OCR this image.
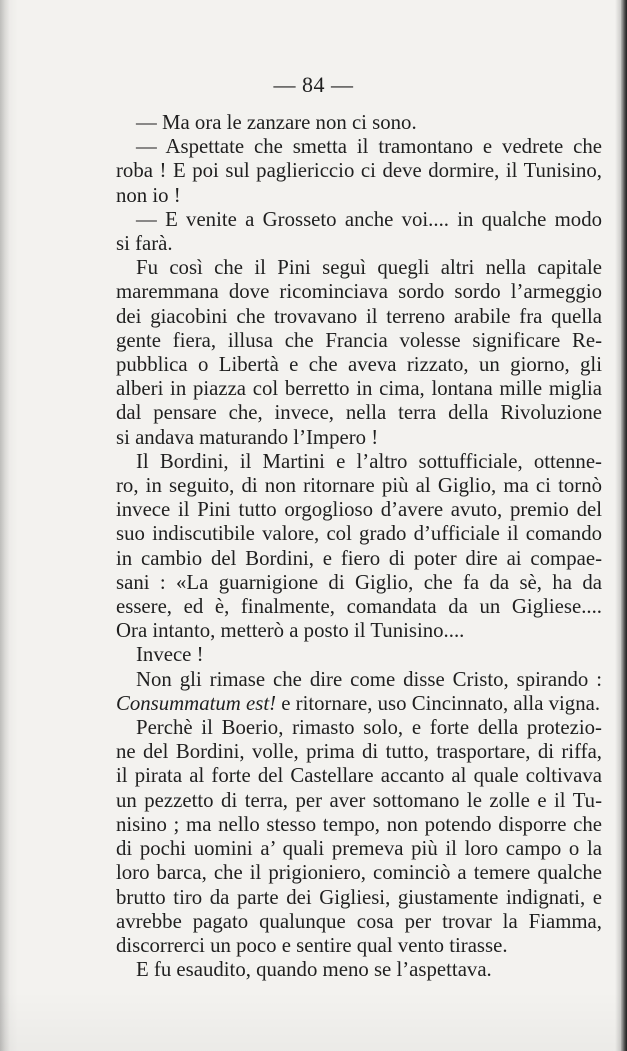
— 84 —
— Ma ora le zanzare non ci sono.
— Aspettate che smetta il tramontano e vedrete che
roba ! E poi sul pagliericcio ci deve dormire, il Tunisino,
non io !
— E venite a Grosseto anche voi.... in qualche modo
si farà.
Fu così che il Pini seguì quegli altri nella capitale
maremmana dove ricominciava sordo sordo l’armeggio
dei giacobini che trovavano il terreno arabile fra quella
gente fiera, illusa che Francia volesse significare Re-
pubblica o Libertà e che aveva rizzato, un giorno, gli
alberi in piazza col berretto in cima, lontana mille miglia
dal pensare che, invece, nella terra della Rivoluzione
si andava maturando l’Impero !
Il Bordini, il Martini e l’altro sottufficiale, ottenne-
ro, in seguito, di non ritornare più al Giglio, ma ci tornò
invece il Pini tutto orgoglioso d’avere avuto, premio del
suo indiscutibile valore, col grado d’ufficiale il comando
in cambio del Bordini, e fiero di poter dire ai compae-
sani : «La guarnigione di Giglio, che fa da sè, ha da
essere, ed è, finalmente, comandata da un Gigliese....
Ora intanto, metterò a posto il Tunisino....
Invece !
Non gli rimase che dire come disse Cristo, spirando :
Consummatum est! e ritornare, uso Cincinnato, alla vigna.
Perchè il Boerio, rimasto solo, e forte della protezio-
ne del Bordini, volle, prima di tutto, trasportare, di riffa,
il pirata al forte del Castellare accanto al quale coltivava
un pezzetto di terra, per aver sottomano le zolle e il Tu-
nisino ; ma nello stesso tempo, non potendo disporre che
di pochi uomini a’ quali premeva più il loro campo o la
loro barca, che il prigioniero, cominciò a temere qualche
brutto tiro da parte dei Gigliesi, giustamente indignati, e
avrebbe pagato qualunque cosa per trovar la Fiamma,
discorrerci un poco e sentire qual vento tirasse.
E fu esaudito, quando meno se l’aspettava.
